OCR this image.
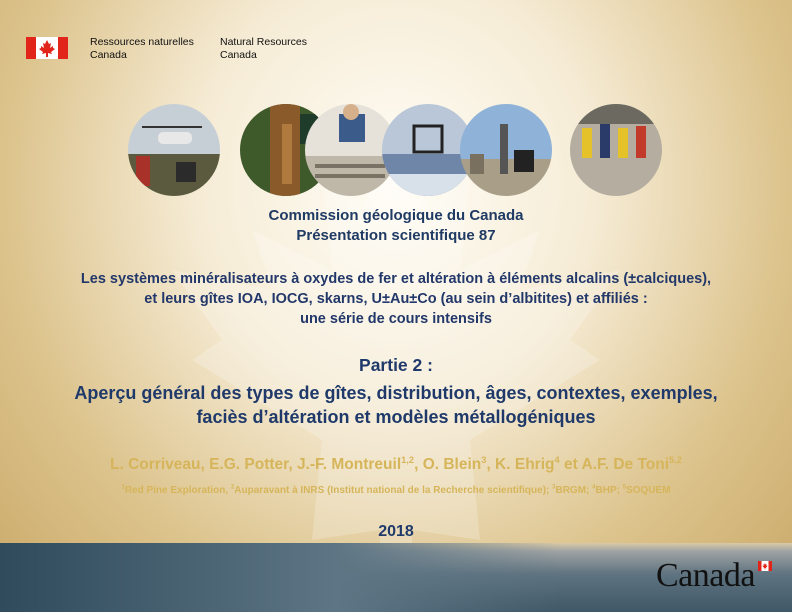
Ressources naturelles
Canada
Natural Resources
Canada
Commission géologique du Canada
Présentation scientifique 87
Les systèmes minéralisateurs à oxydes de fer et altération à éléments alcalins (±calciques),
et leurs gîtes IOA, IOCG, skarns, U±Au±Co (au sein d’albitites) et affiliés :
une série de cours intensifs
Partie 2 :
Aperçu général des types de gîtes, distribution, âges, contextes, exemples,
faciès d’altération et modèles métallogéniques
L. Corriveau, E.G. Potter, J.-F. Montreuil$^{1,2}$, O. Blein$^3$, K. Ehrig$^4$ et A.F. De Toni$^{5,2}$
$^1$Red Pine Exploration, $^2$Auparavant à INRS (Institut national de la Recherche scientifique); $^3$BRGM; $^4$BHP; $^5$SOQUEM
2018
Canada
